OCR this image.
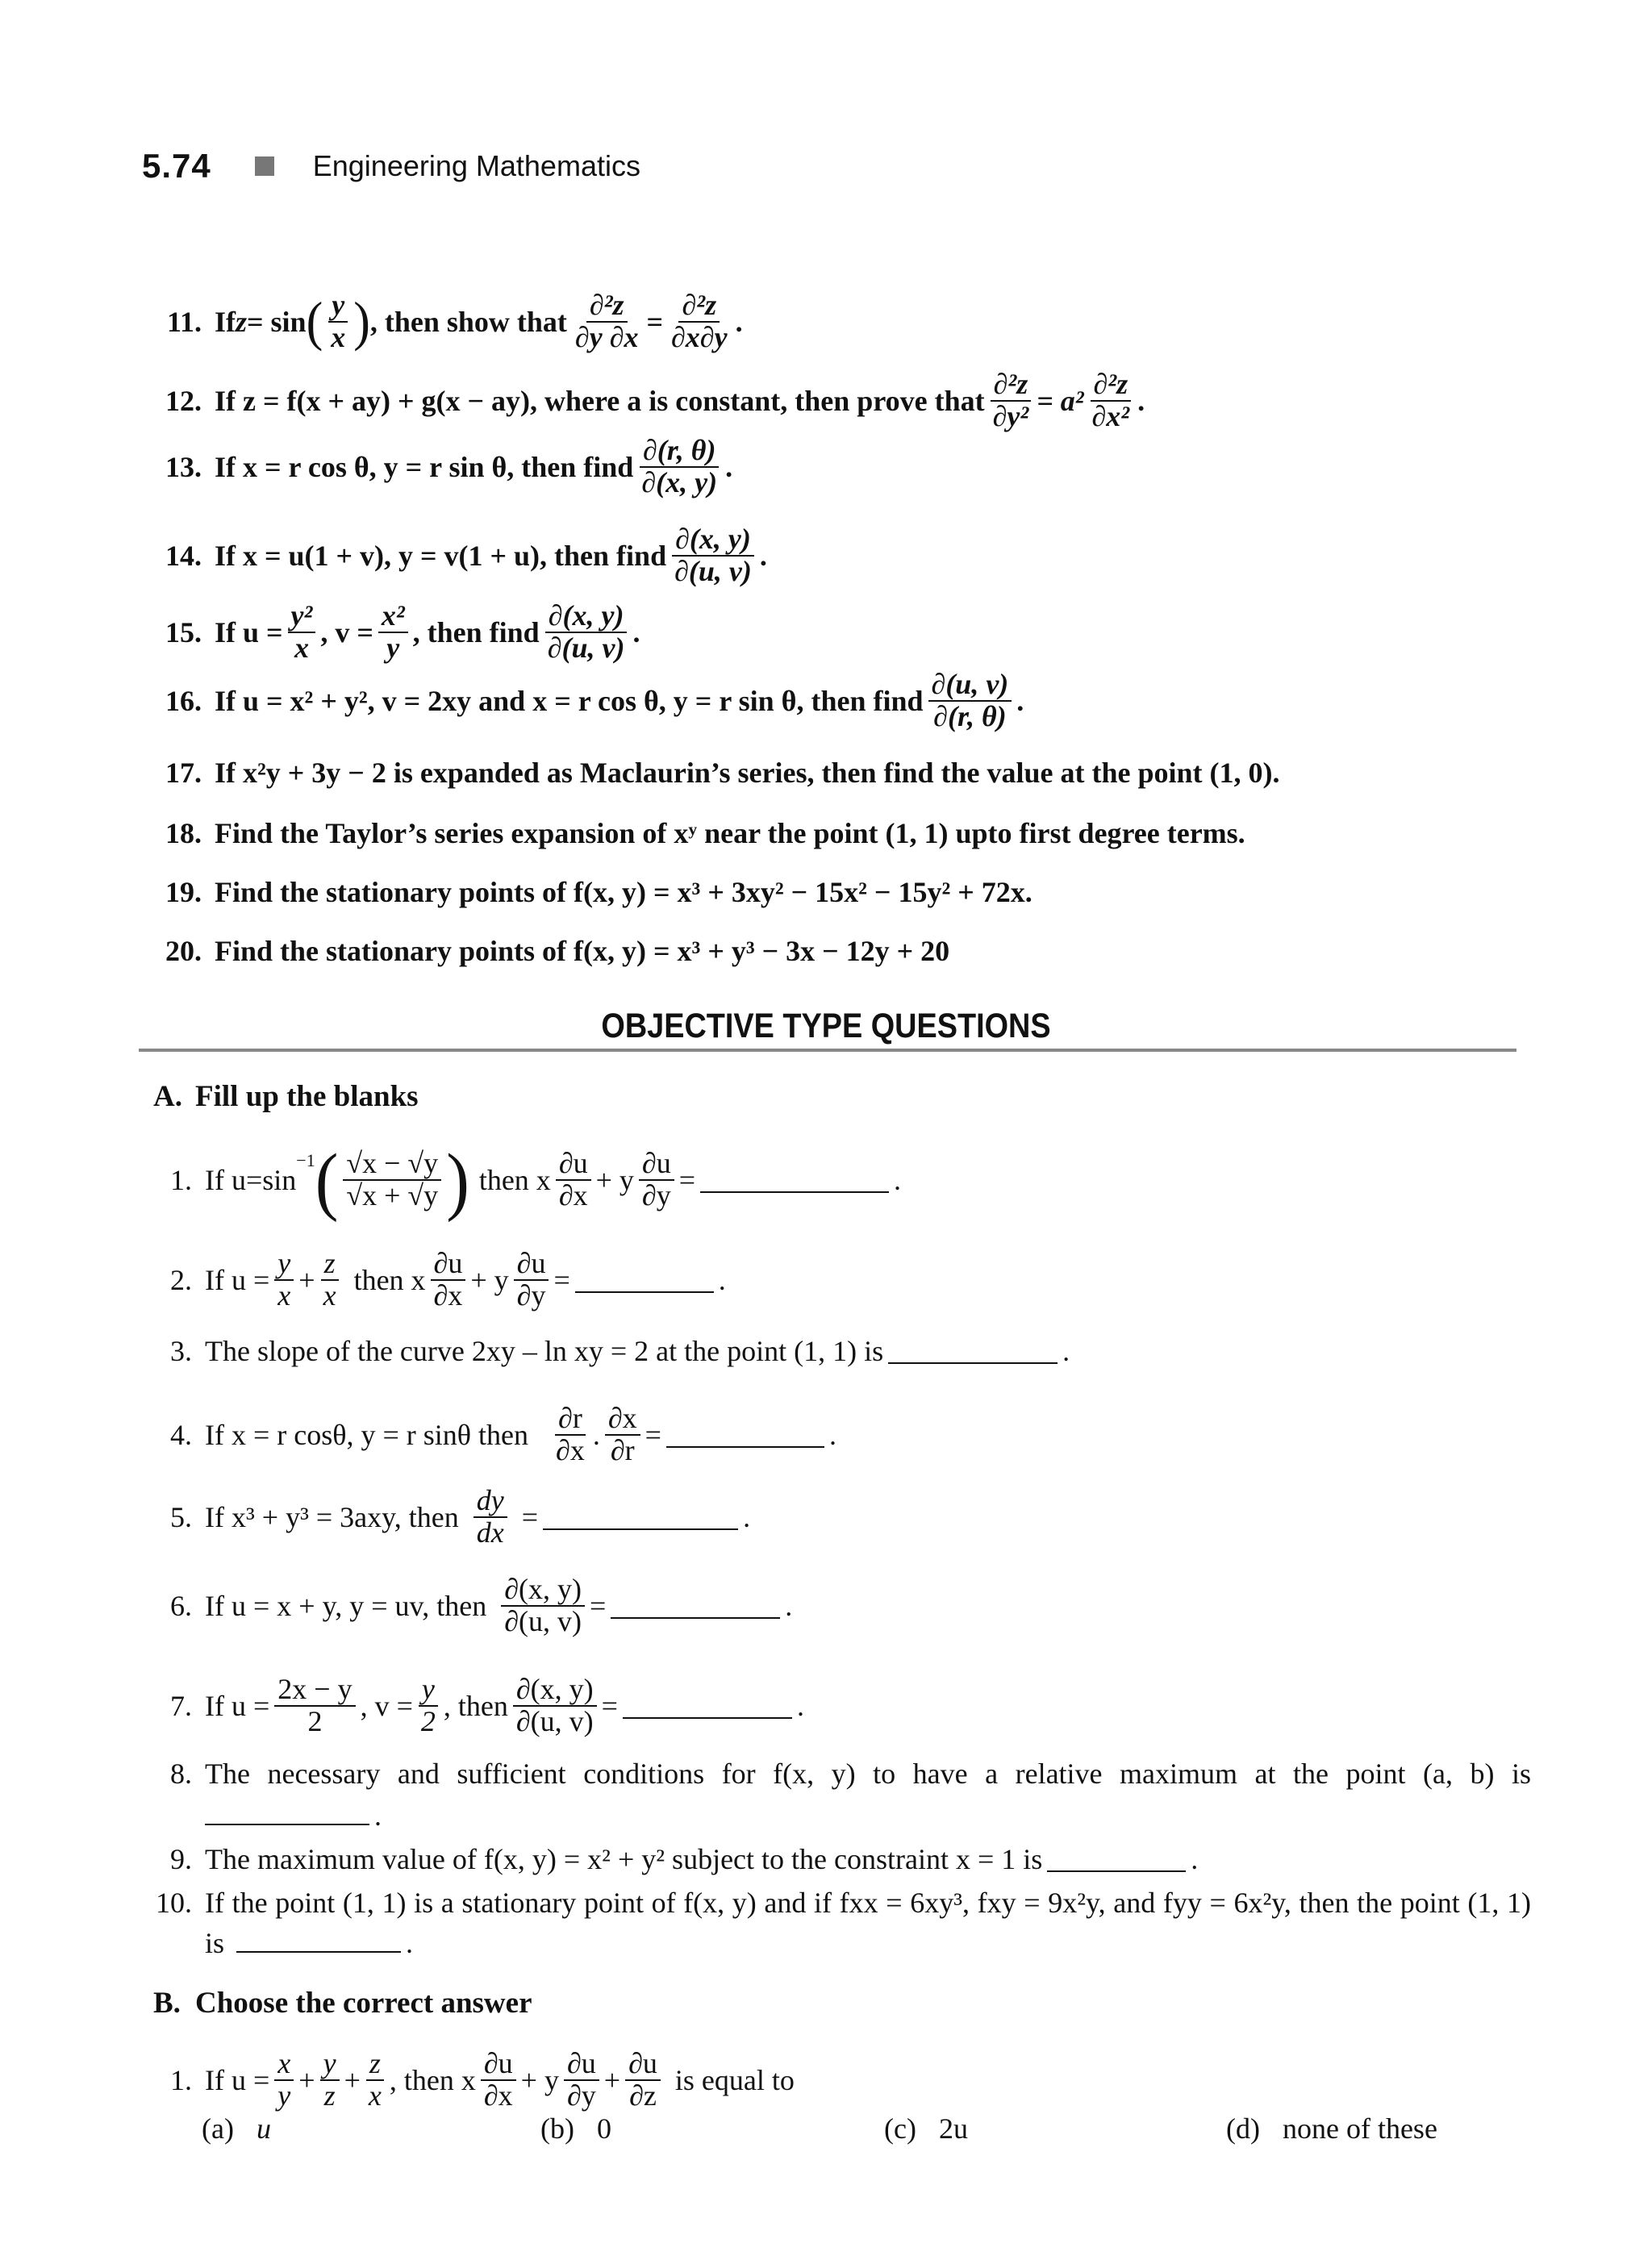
5.74	Engineering Mathematics
11. If z = sin ( $\frac{y}{x}$ ) , then show that $\frac{\text{∂²z}}{\partial y \partial x} = \frac{\text{∂²z}}{\partial x\partial y}$ .
12. If z = f(x + ay) + g(x − ay), where a is constant, then prove that $\frac{\text{∂²z}}{\text{∂y²}} = a^2 \frac{\text{∂²z}}{\text{∂x²}}$ .
13. If x = r cos θ, y = r sin θ, then find $\frac{\partial(r, \theta)}{\partial(x, y)}$ .
14. If x = u(1 + v), y = v(1 + u), then find $\frac{\partial(x, y)}{\partial(u, v)}$ .
15. If $u = \frac{\text{y²}}{x}$ , $v = \frac{\text{x²}}{y}$ , then find $\frac{\partial(x, y)}{\partial(u, v)}$ .
16. If u = x² + y², v = 2xy and x = r cos θ, y = r sin θ, then find $\frac{\partial(u, v)}{\partial(r, \theta)}$ .
17. If x²y + 3y − 2 is expanded as Maclaurin’s series, then find the value at the point (1, 0).
18. Find the Taylor’s series expansion of xʸ near the point (1, 1) upto first degree terms.
19. Find the stationary points of f(x, y) = x³ + 3xy² − 15x² − 15y² + 72x.
20. Find the stationary points of f(x, y) = x³ + y³ − 3x − 12y + 20
OBJECTIVE TYPE QUESTIONS
A. Fill up the blanks
1. If u=sin
$^{-1}$ ( $\frac{√x - √y}{√x + √y}$ ) then x $\frac{\partial u}{\partial x} + y \frac{\partial u}{\partial y}$ =	.
2. If $u = \frac{y}{x} + \frac{z}{x}$ then x $\frac{\partial u}{\partial x} + y \frac{\partial u}{\partial y}$ =	.
3. The slope of the curve 2xy – ln xy = 2 at the point (1, 1) is	.
4. If x = r cosθ, y = r sinθ then $\frac{\partial r}{\partial x}$ . $\frac{\partial x}{\partial r}$ =	.
5. If x³ + y³ = 3axy, then $\frac{dy}{dx}$ =	.
6. If u = x + y, y = uv, then $\frac{\partial(x, y)}{\partial(u, v)}$ =	.
7. If $u = \frac{2x - y}{2}$ , $v = \frac{y}{2}$ , then $\frac{\partial(x, y)}{\partial(u, v)}$ =	.
8. The necessary and sufficient conditions for f(x, y) to have a relative maximum at the point (a, b) is
.
9. The maximum value of f(x, y) = x² + y² subject to the constraint x = 1 is	.
10. If the point (1, 1) is a stationary point of f(x, y) and if fxx = 6xy³, fxy = 9x²y, and fyy = 6x²y, then the point (1, 1)
is	.
B. Choose the correct answer
1. If $u = \frac{x}{y} + \frac{y}{z} + \frac{z}{x}$ , then x $\frac{\partial u}{\partial x} + y \frac{\partial u}{\partial y} + \frac{\partial u}{\partial z}$ is equal to
(a) u	(b) 0	(c) 2u	(d) none of these
